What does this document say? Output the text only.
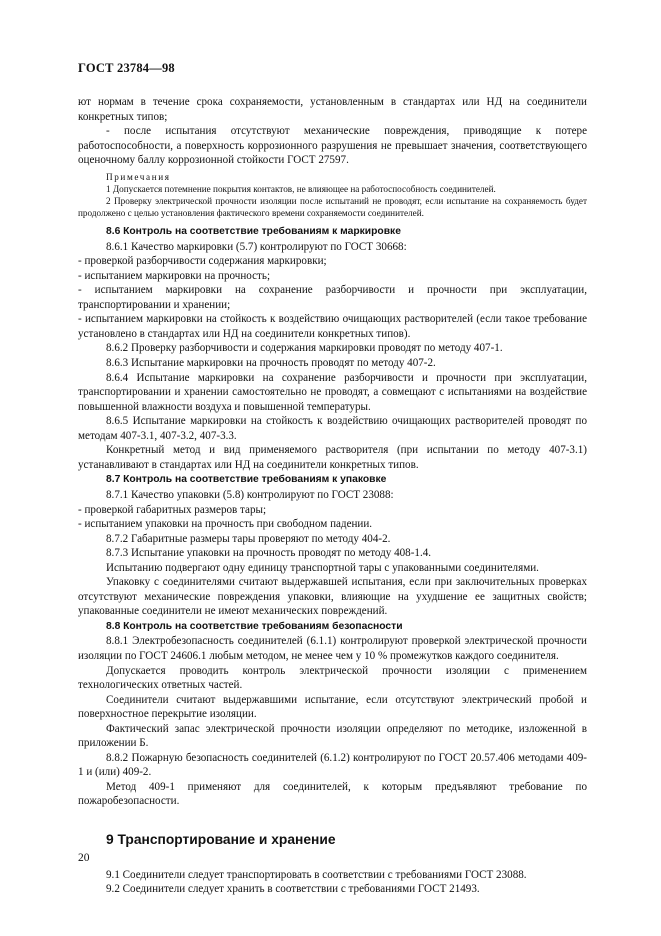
ГОСТ 23784—98

ют нормам в течение срока сохраняемости, установленным в стандартах или НД на соединители конкретных типов;

- после испытания отсутствуют механические повреждения, приводящие к потере работоспособности, а поверхность коррозионного разрушения не превышает значения, соответствующего оценочному баллу коррозионной стойкости ГОСТ 27597.

Примечания

1 Допускается потемнение покрытия контактов, не влияющее на работоспособность соединителей.

2 Проверку электрической прочности изоляции после испытаний не проводят, если испытание на сохраняемость будет продолжено с целью установления фактического времени сохраняемости соединителей.

8.6 Контроль на соответствие требованиям к маркировке

8.6.1 Качество маркировки (5.7) контролируют по ГОСТ 30668:

- проверкой разборчивости содержания маркировки;

- испытанием маркировки на прочность;

- испытанием маркировки на сохранение разборчивости и прочности при эксплуатации, транспортировании и хранении;

- испытанием маркировки на стойкость к воздействию очищающих растворителей (если такое требование установлено в стандартах или НД на соединители конкретных типов).

8.6.2 Проверку разборчивости и содержания маркировки проводят по методу 407-1.

8.6.3 Испытание маркировки на прочность проводят по методу 407-2.

8.6.4 Испытание маркировки на сохранение разборчивости и прочности при эксплуатации, транспортировании и хранении самостоятельно не проводят, а совмещают с испытаниями на воздействие повышенной влажности воздуха и повышенной температуры.

8.6.5 Испытание маркировки на стойкость к воздействию очищающих растворителей проводят по методам 407-3.1, 407-3.2, 407-3.3.

Конкретный метод и вид применяемого растворителя (при испытании по методу 407-3.1) устанавливают в стандартах или НД на соединители конкретных типов.

8.7 Контроль на соответствие требованиям к упаковке

8.7.1 Качество упаковки (5.8) контролируют по ГОСТ 23088:

- проверкой габаритных размеров тары;

- испытанием упаковки на прочность при свободном падении.

8.7.2 Габаритные размеры тары проверяют по методу 404-2.

8.7.3 Испытание упаковки на прочность проводят по методу 408-1.4.

Испытанию подвергают одну единицу транспортной тары с упакованными соединителями.

Упаковку с соединителями считают выдержавшей испытания, если при заключительных проверках отсутствуют механические повреждения упаковки, влияющие на ухудшение ее защитных свойств; упакованные соединители не имеют механических повреждений.

8.8 Контроль на соответствие требованиям безопасности

8.8.1 Электробезопасность соединителей (6.1.1) контролируют проверкой электрической прочности изоляции по ГОСТ 24606.1 любым методом, не менее чем у 10 % промежутков каждого соединителя.

Допускается проводить контроль электрической прочности изоляции с применением технологических ответных частей.

Соединители считают выдержавшими испытание, если отсутствуют электрический пробой и поверхностное перекрытие изоляции.

Фактический запас электрической прочности изоляции определяют по методике, изложенной в приложении Б.

8.8.2 Пожарную безопасность соединителей (6.1.2) контролируют по ГОСТ 20.57.406 методами 409-1 и (или) 409-2.

Метод 409-1 применяют для соединителей, к которым предъявляют требование по пожаробезопасности.

9 Транспортирование и хранение

9.1 Соединители следует транспортировать в соответствии с требованиями ГОСТ 23088.

9.2 Соединители следует хранить в соответствии с требованиями ГОСТ 21493.

20
